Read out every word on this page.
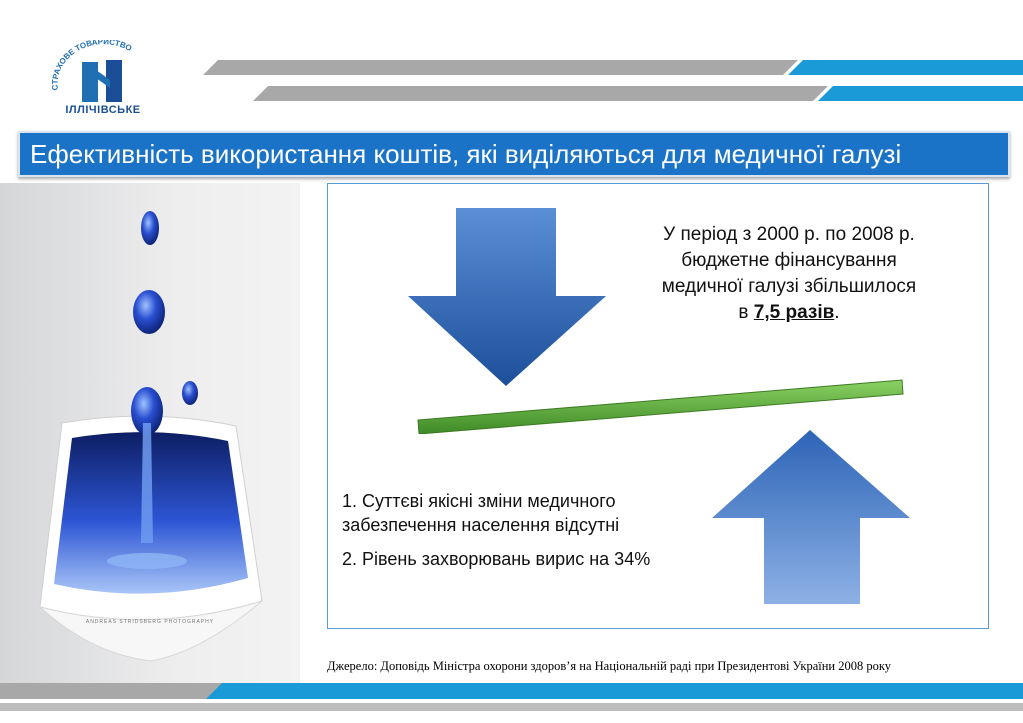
СТРАХОВЕ ТОВАРИСТВО
ІЛЛІЧІВСЬКЕ
Ефективність використання коштів, які виділяються для медичної галузі
ANDREAS STRIDSBERG PHOTOGRAPHY
У період з 2000 р. по 2008 р.
бюджетне фінансування
медичної галузі збільшилося
в 7,5 разів.
1. Суттєві якісні зміни медичного забезпечення населення відсутні
2. Рівень захворювань вирис на 34%
Джерело: Доповідь Міністра охорони здоров’я на Національній раді при Президентові України 2008 року
